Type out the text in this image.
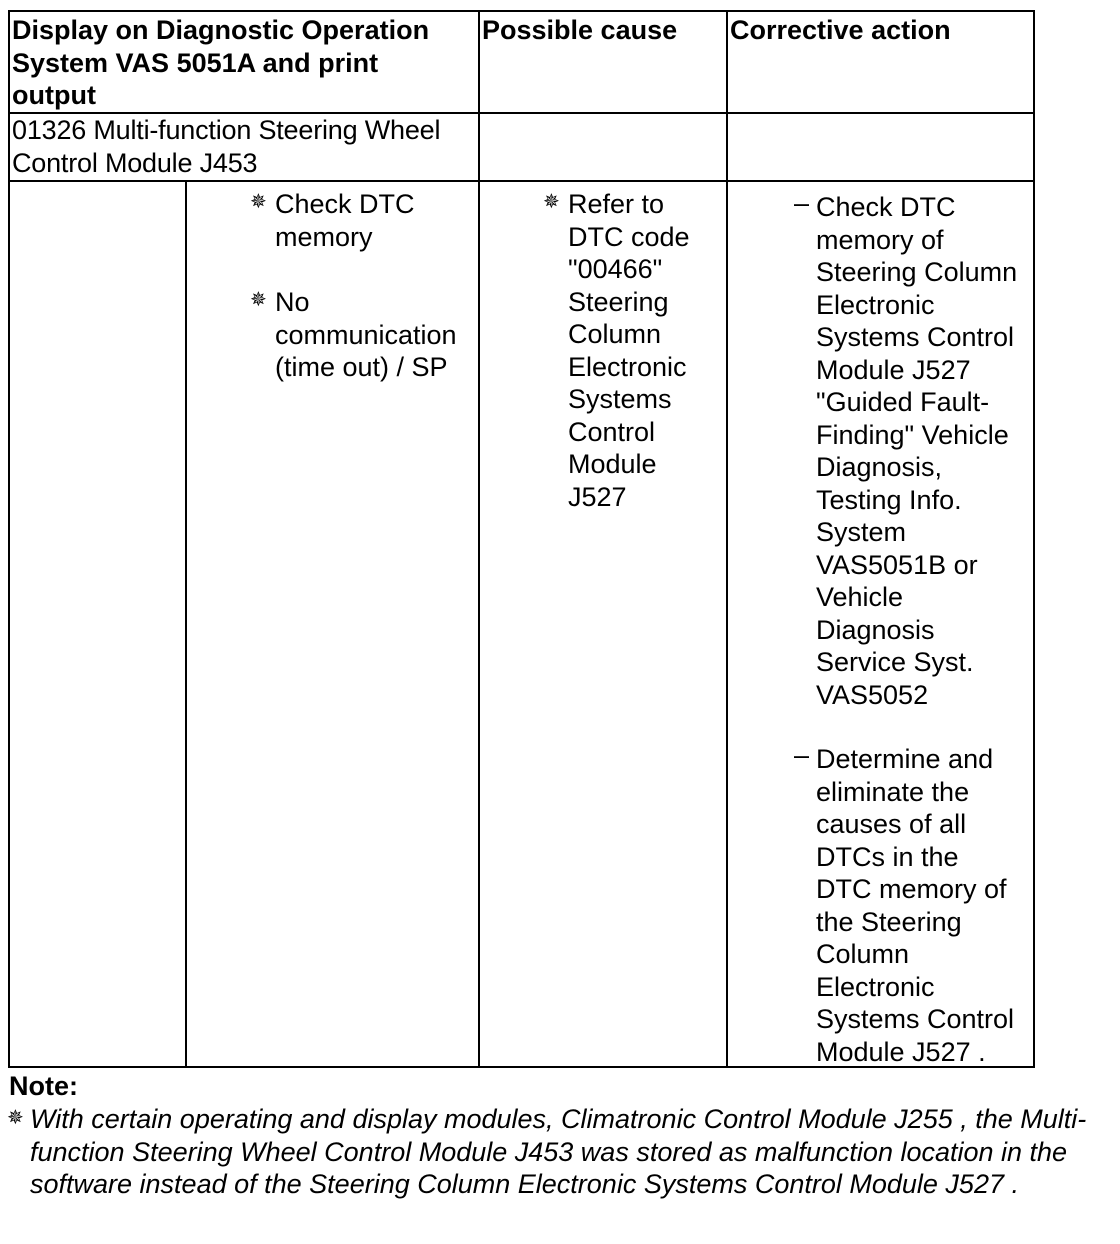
Display on Diagnostic Operation
System VAS 5051A and print
output
Possible cause	Corrective action
01326 Multi-function Steering Wheel
Control Module J453
✵ Check DTC
memory
✵ No
communication
(time out) / SP
✵ Refer to
DTC code
"00466"
Steering
Column
Electronic
Systems
Control
Module
J527
– Check DTC
memory of
Steering Column
Electronic
Systems Control
Module J527
"Guided Fault-
Finding" Vehicle
Diagnosis,
Testing Info.
System
VAS5051B or
Vehicle
Diagnosis
Service Syst.
VAS5052
– Determine and
eliminate the
causes of all
DTCs in the
DTC memory of
the Steering
Column
Electronic
Systems Control
Module J527 .
Note:
✵ With certain operating and display modules, Climatronic Control Module J255 , the Multi-function Steering Wheel Control Module J453 was stored as malfunction location in the software instead of the Steering Column Electronic Systems Control Module J527 .
